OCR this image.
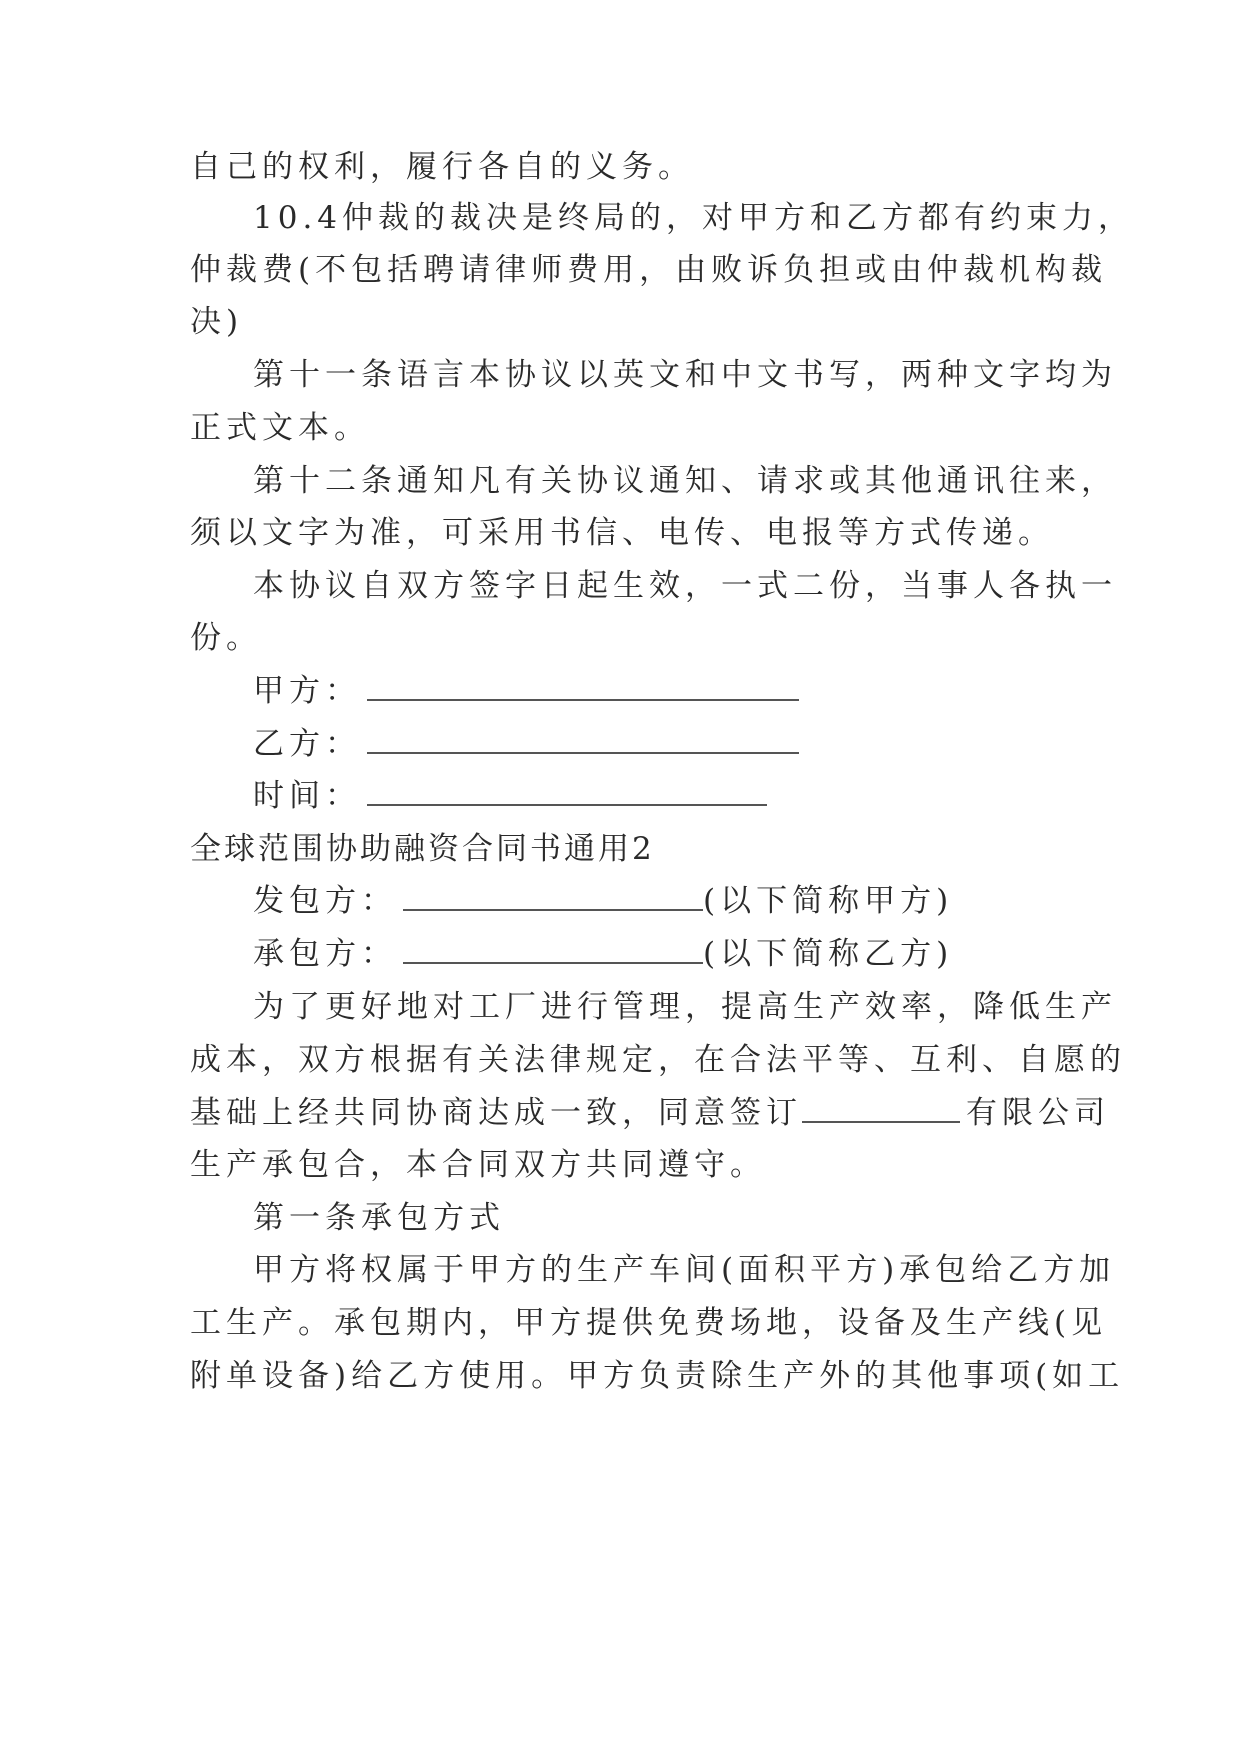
自己的权利，履行各自的义务。
10.4仲裁的裁决是终局的，对甲方和乙方都有约束力，
仲裁费(不包括聘请律师费用，由败诉负担或由仲裁机构裁
决)
第十一条语言本协议以英文和中文书写，两种文字均为
正式文本。
第十二条通知凡有关协议通知、请求或其他通讯往来，
须以文字为准，可采用书信、电传、电报等方式传递。
本协议自双方签字日起生效，一式二份，当事人各执一
份。
甲方：
乙方：
时间：
全球范围协助融资合同书通用2
发包方：	(以下简称甲方)
承包方：	(以下简称乙方)
为了更好地对工厂进行管理，提高生产效率，降低生产
成本，双方根据有关法律规定，在合法平等、互利、自愿的
基础上经共同协商达成一致，同意签订	有限公司
生产承包合，本合同双方共同遵守。
第一条承包方式
甲方将权属于甲方的生产车间(面积平方)承包给乙方加
工生产。承包期内，甲方提供免费场地，设备及生产线(见
附单设备)给乙方使用。甲方负责除生产外的其他事项(如工
